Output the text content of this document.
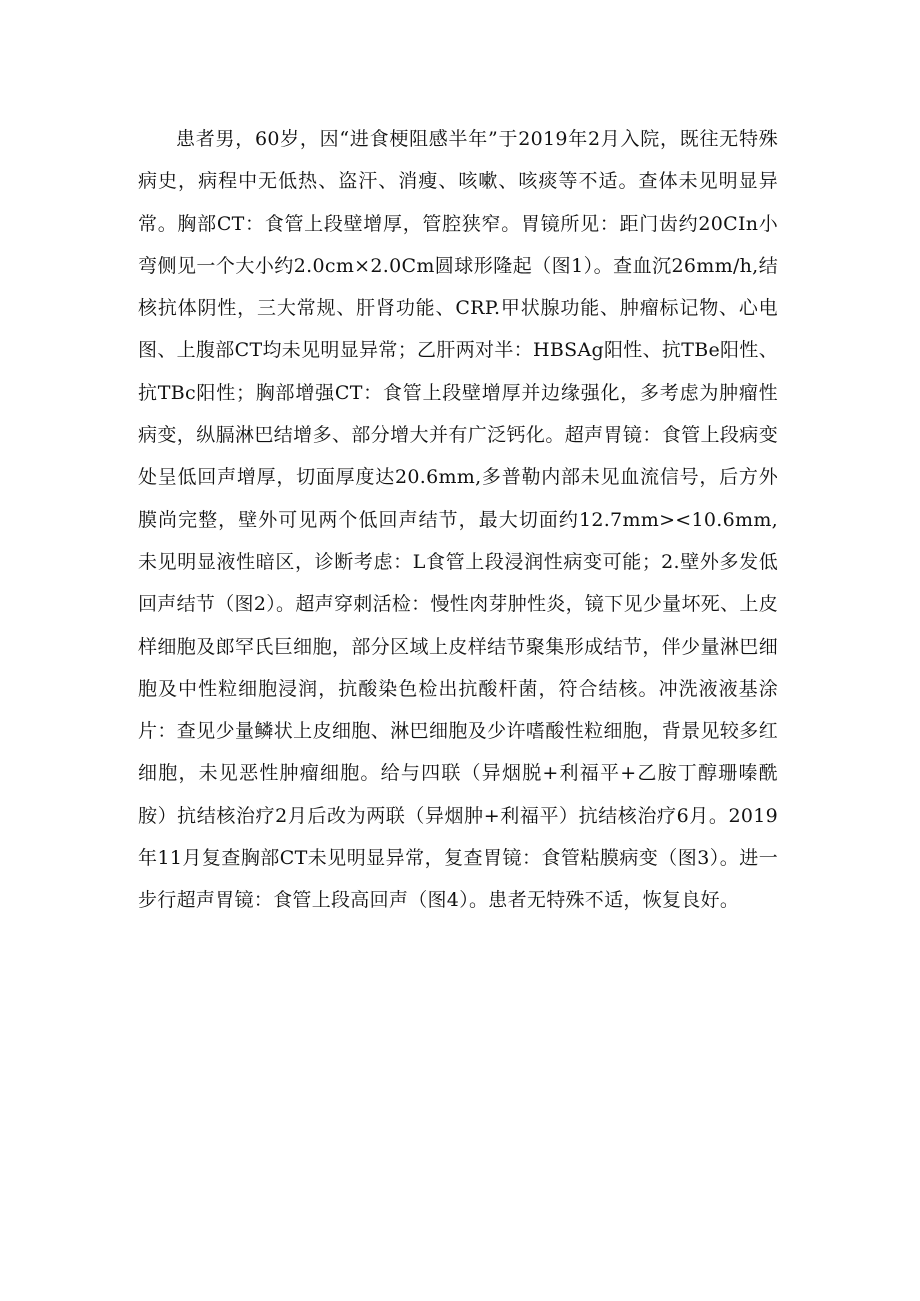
患者男，60岁，因“进食梗阻感半年”于2019年2月入院，既往无特殊病史，病程中无低热、盗汗、消瘦、咳嗽、咳痰等不适。查体未见明显异常。胸部CT：食管上段壁增厚，管腔狭窄。胃镜所见：距门齿约20CIn小弯侧见一个大小约2.0cm×2.0Cm圆球形隆起（图1）。查血沉26mm/h,结核抗体阴性，三大常规、肝肾功能、CRP.甲状腺功能、肿瘤标记物、心电图、上腹部CT均未见明显异常；乙肝两对半：HBSAg阳性、抗TBe阳性、抗TBc阳性；胸部增强CT：食管上段壁增厚并边缘强化，多考虑为肿瘤性病变，纵膈淋巴结增多、部分增大并有广泛钙化。超声胃镜：食管上段病变处呈低回声增厚，切面厚度达20.6mm,多普勒内部未见血流信号，后方外膜尚完整，壁外可见两个低回声结节，最大切面约12.7mm><10.6mm,未见明显液性暗区，诊断考虑：L食管上段浸润性病变可能；2.壁外多发低回声结节（图2）。超声穿刺活检：慢性肉芽肿性炎，镜下见少量坏死、上皮样细胞及郎罕氏巨细胞，部分区域上皮样结节聚集形成结节，伴少量淋巴细胞及中性粒细胞浸润，抗酸染色检出抗酸杆菌，符合结核。冲洗液液基涂片：查见少量鳞状上皮细胞、淋巴细胞及少许嗜酸性粒细胞，背景见较多红细胞，未见恶性肿瘤细胞。给与四联（异烟脱+利福平+乙胺丁醇珊嗪酰胺）抗结核治疗2月后改为两联（异烟肿+利福平）抗结核治疗6月。2019年11月复查胸部CT未见明显异常，复查胃镜：食管粘膜病变（图3）。进一步行超声胃镜：食管上段高回声（图4）。患者无特殊不适，恢复良好。
